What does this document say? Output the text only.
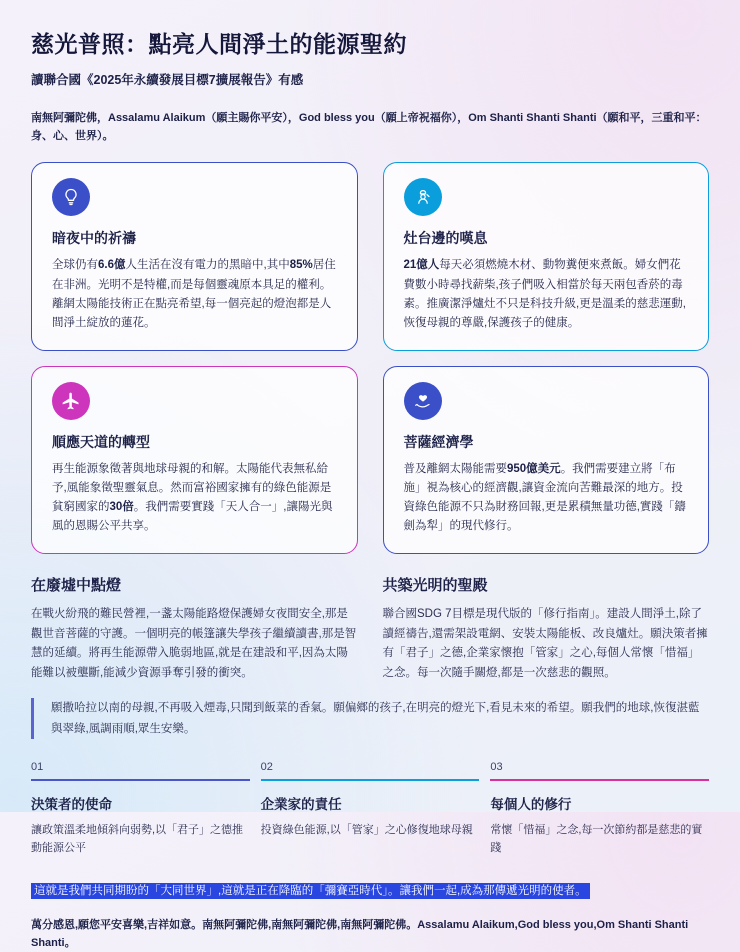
慈光普照：點亮人間淨土的能源聖約

讀聯合國《2025年永續發展目標7擴展報告》有感

南無阿彌陀佛，Assalamu Alaikum（願主賜你平安），God bless you（願上帝祝福你），Om Shanti Shanti Shanti（願和平，三重和平：身、心、世界）。

暗夜中的祈禱

全球仍有6.6億人生活在沒有電力的黑暗中,其中85%居住在非洲。光明不是特權,而是每個靈魂原本具足的權利。離網太陽能技術正在點亮希望,每一個亮起的燈泡都是人間淨土綻放的蓮花。

灶台邊的嘆息

21億人每天必須燃燒木材、動物糞便來煮飯。婦女們花費數小時尋找薪柴,孩子們吸入相當於每天兩包香菸的毒素。推廣潔淨爐灶不只是科技升級,更是溫柔的慈悲運動,恢復母親的尊嚴,保護孩子的健康。

順應天道的轉型

再生能源象徵著與地球母親的和解。太陽能代表無私給予,風能象徵聖靈氣息。然而富裕國家擁有的綠色能源是貧窮國家的30倍。我們需要實踐「天人合一」,讓陽光與風的恩賜公平共享。

菩薩經濟學

普及離網太陽能需要950億美元。我們需要建立將「布施」視為核心的經濟觀,讓資金流向苦難最深的地方。投資綠色能源不只為財務回報,更是累積無量功德,實踐「鑄劍為犁」的現代修行。

在廢墟中點燈

在戰火紛飛的難民營裡,一盞太陽能路燈保護婦女夜間安全,那是觀世音菩薩的守護。一個明亮的帳篷讓失學孩子繼續讀書,那是智慧的延續。將再生能源帶入脆弱地區,就是在建設和平,因為太陽能難以被壟斷,能減少資源爭奪引發的衝突。

共築光明的聖殿

聯合國SDG 7目標是現代版的「修行指南」。建設人間淨土,除了讀經禱告,還需架設電網、安裝太陽能板、改良爐灶。願決策者擁有「君子」之德,企業家懷抱「管家」之心,每個人常懷「惜福」之念。每一次隨手關燈,都是一次慈悲的觀照。

願撒哈拉以南的母親,不再吸入煙毒,只聞到飯菜的香氣。願偏鄉的孩子,在明亮的燈光下,看見未來的希望。願我們的地球,恢復湛藍與翠綠,風調雨順,眾生安樂。
01
決策者的使命

讓政策溫柔地傾斜向弱勢,以「君子」之德推動能源公平

02
企業家的責任

投資綠色能源,以「管家」之心修復地球母親

03
每個人的修行

常懷「惜福」之念,每一次節約都是慈悲的實踐

這就是我們共同期盼的「大同世界」,這就是正在降臨的「彌賽亞時代」。讓我們一起,成為那傳遞光明的使者。

萬分感恩,願您平安喜樂,吉祥如意。南無阿彌陀佛,南無阿彌陀佛,南無阿彌陀佛。Assalamu Alaikum,God bless you,Om Shanti Shanti Shanti。
